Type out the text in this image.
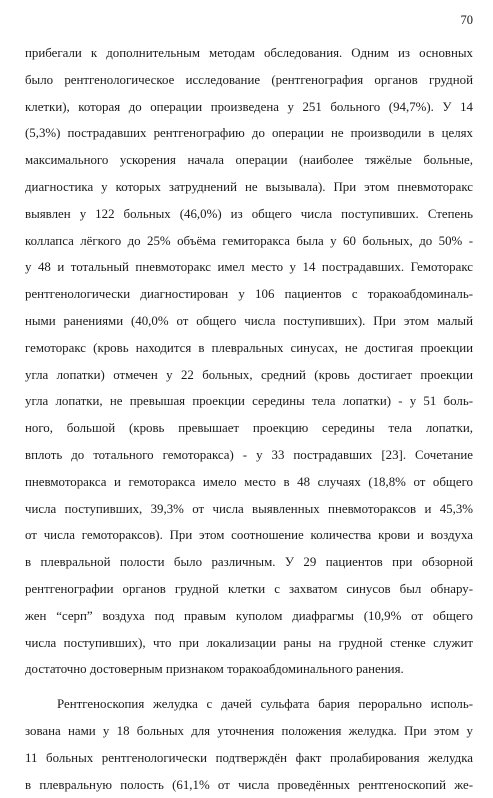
70
прибегали к дополнительным методам обследования. Одним из основных
было рентгенологическое исследование (рентгенография органов грудной
клетки), которая до операции произведена у 251 больного (94,7%). У 14
(5,3%) пострадавших рентгенографию до операции не производили в целях
максимального ускорения начала операции (наиболее тяжёлые больные,
диагностика у которых затруднений не вызывала). При этом пневмоторакс
выявлен у 122 больных (46,0%) из общего числа поступивших. Степень
коллапса лёгкого до 25% объёма гемиторакса была у 60 больных, до 50% -
у 48 и тотальный пневмоторакс имел место у 14 пострадавших. Гемоторакс
рентгенологически диагностирован у 106 пациентов с торакоабдоминаль-
ными ранениями (40,0% от общего числа поступивших). При этом малый
гемоторакс (кровь находится в плевральных синусах, не достигая проекции
угла лопатки) отмечен у 22 больных, средний (кровь достигает проекции
угла лопатки, не превышая проекции середины тела лопатки) - у 51 боль-
ного, большой (кровь превышает проекцию середины тела лопатки,
вплоть до тотального гемоторакса) - у 33 пострадавших [23]. Сочетание
пневмоторакса и гемоторакса имело место в 48 случаях (18,8% от общего
числа поступивших, 39,3% от числа выявленных пневмотораксов и 45,3%
от числа гемотораксов). При этом соотношение количества крови и воздуха
в плевральной полости было различным. У 29 пациентов при обзорной
рентгенографии органов грудной клетки с захватом синусов был обнару-
жен “серп” воздуха под правым куполом диафрагмы (10,9% от общего
числа поступивших), что при локализации раны на грудной стенке служит
достаточно достоверным признаком торакоабдоминального ранения.
Рентгеноскопия желудка с дачей сульфата бария перорально исполь-
зована нами у 18 больных для уточнения положения желудка. При этом у
11 больных рентгенологически подтверждён факт пролабирования желудка
в плевральную полость (61,1% от числа проведённых рентгеноскопий же-
